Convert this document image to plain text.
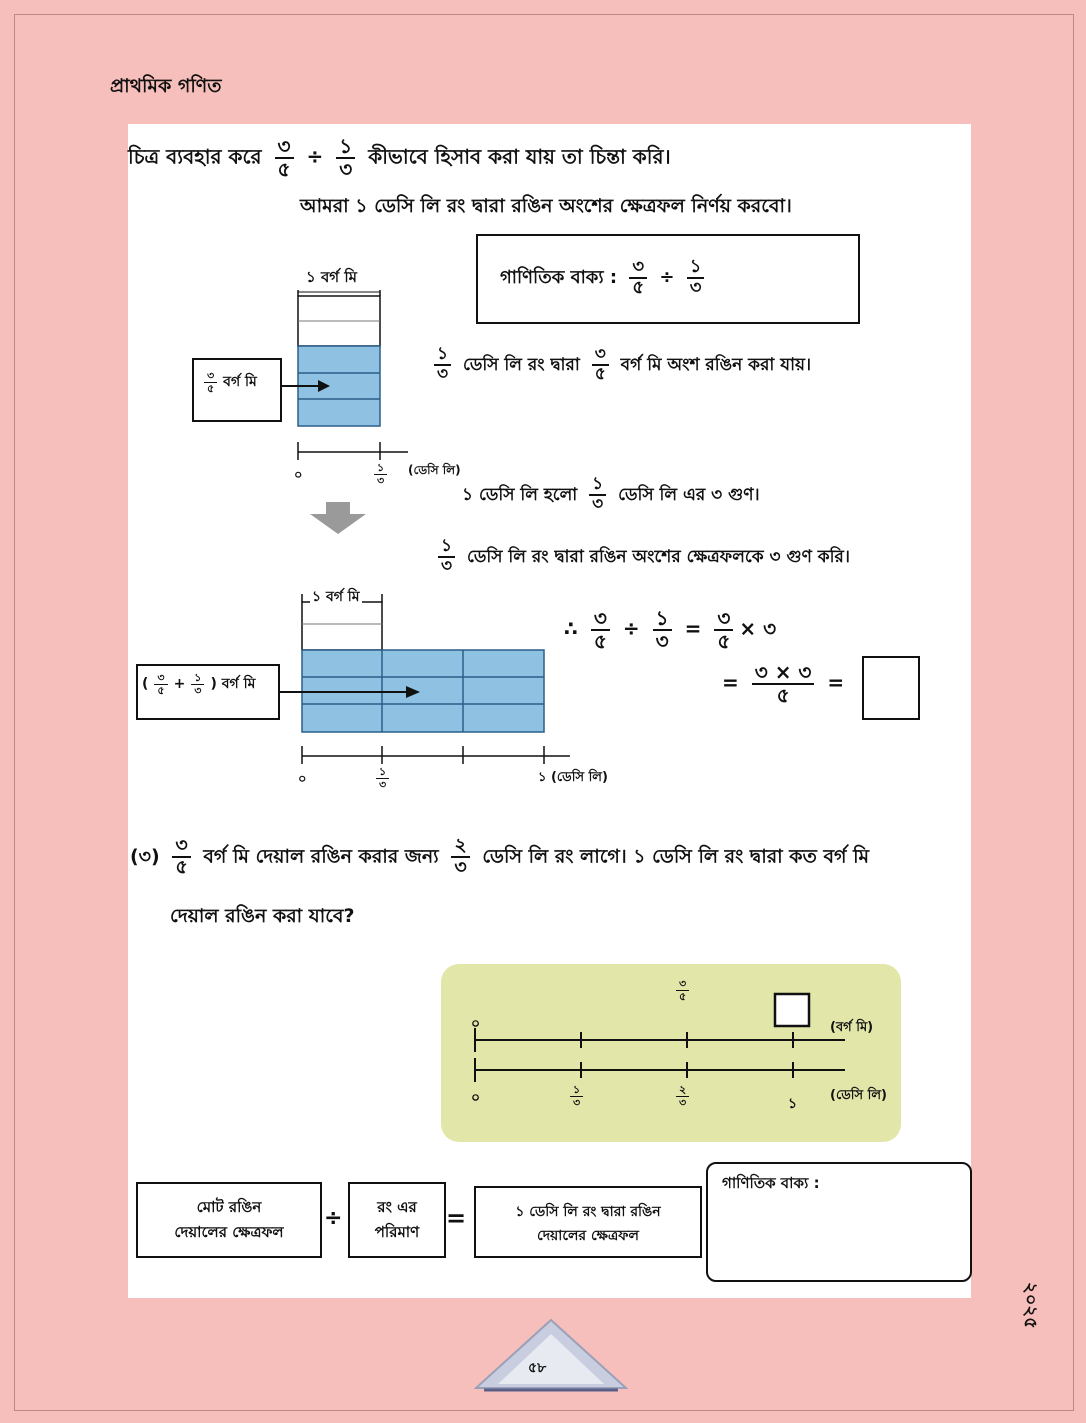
প্রাথমিক গণিত
চিত্র ব্যবহার করে $\frac{৩}{৫} \div \frac{১}{৩}$ কীভাবে হিসাব করা যায় তা চিন্তা করি।
আমরা ১ ডেসি লি রং দ্বারা রঙিন অংশের ক্ষেত্রফল নির্ণয় করবো।
গাণিতিক বাক্য : $\frac{৩}{৫} \div \frac{১}{৩}$
১ বর্গ মি
$\frac{৩}{৫}$ বর্গ মি
০	$\frac{১}{৩}$ (ডেসি লি)
$\frac{১}{৩}$ ডেসি লি রং দ্বারা $\frac{৩}{৫}$ বর্গ মি অংশ রঙিন করা যায়।
১ ডেসি লি হলো $\frac{১}{৩}$ ডেসি লি এর ৩ গুণ।
$\frac{১}{৩}$ ডেসি লি রং দ্বারা রঙিন অংশের ক্ষেত্রফলকে ৩ গুণ করি।
১ বর্গ মি
( $\frac{৩}{৫} + \frac{১}{৩}$ ) বর্গ মি
০	$\frac{১}{৩}$	১ (ডেসি লি)
∴ $\frac{৩}{৫} \div \frac{১}{৩} = \frac{৩}{৫}$ × ৩
= $\frac{৩ \times ৩}{৫}$ =
(৩) $\frac{৩}{৫}$ বর্গ মি দেয়াল রঙিন করার জন্য $\frac{২}{৩}$ ডেসি লি রং লাগে। ১ ডেসি লি রং দ্বারা কত বর্গ মি
দেয়াল রঙিন করা যাবে?
০
$\frac{৩}{৫}$
(বর্গ মি)
০	$\frac{১}{৩}$	$\frac{২}{৩}$	১
(ডেসি লি)
মোট রঙিন
দেয়ালের ক্ষেত্রফল
÷	রং এর
পরিমাণ	=	১ ডেসি লি রং দ্বারা রঙিন
দেয়ালের ক্ষেত্রফল
গাণিতিক বাক্য :
৫৮
২০২৫
